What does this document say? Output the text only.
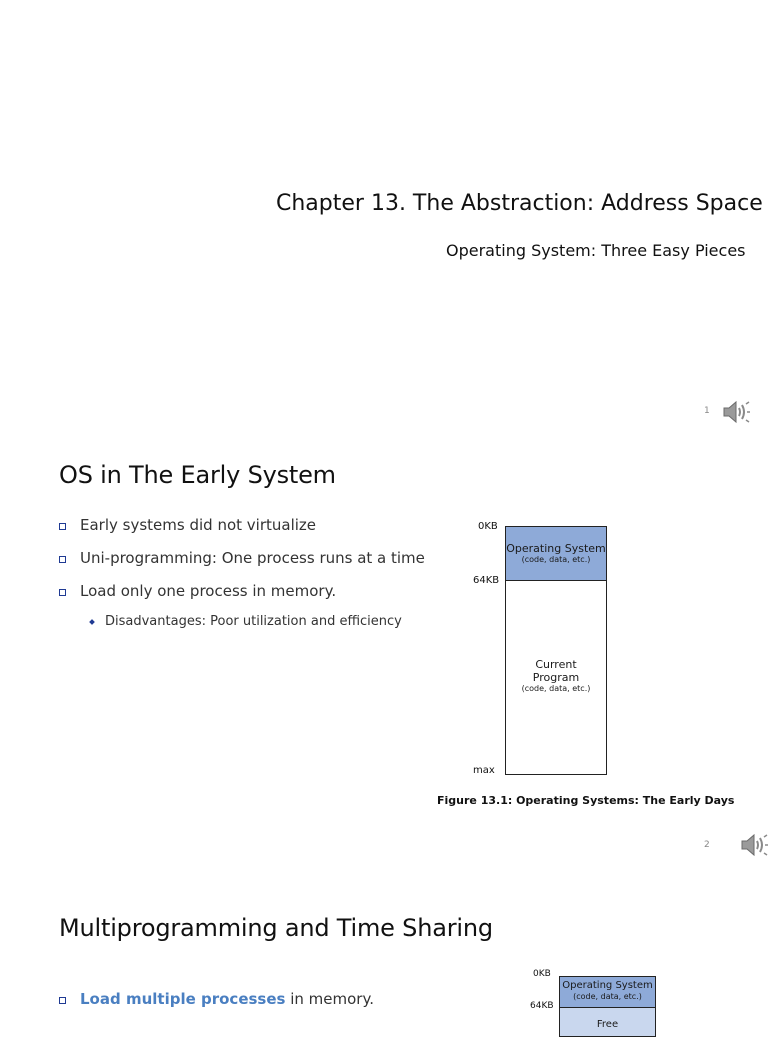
Chapter 13. The Abstraction: Address Space
Operating System: Three Easy Pieces
1
OS in The Early System
Early systems did not virtualize
Uni-programming: One process runs at a time
Load only one process in memory.
Disadvantages: Poor utilization and efficiency
0KB
64KB
max
Operating System
(code, data, etc.)
Current
Program
(code, data, etc.)
Figure 13.1: Operating Systems: The Early Days
2
Multiprogramming and Time Sharing
Load multiple processes in memory.
0KB
64KB
Operating System
(code, data, etc.)
Free
